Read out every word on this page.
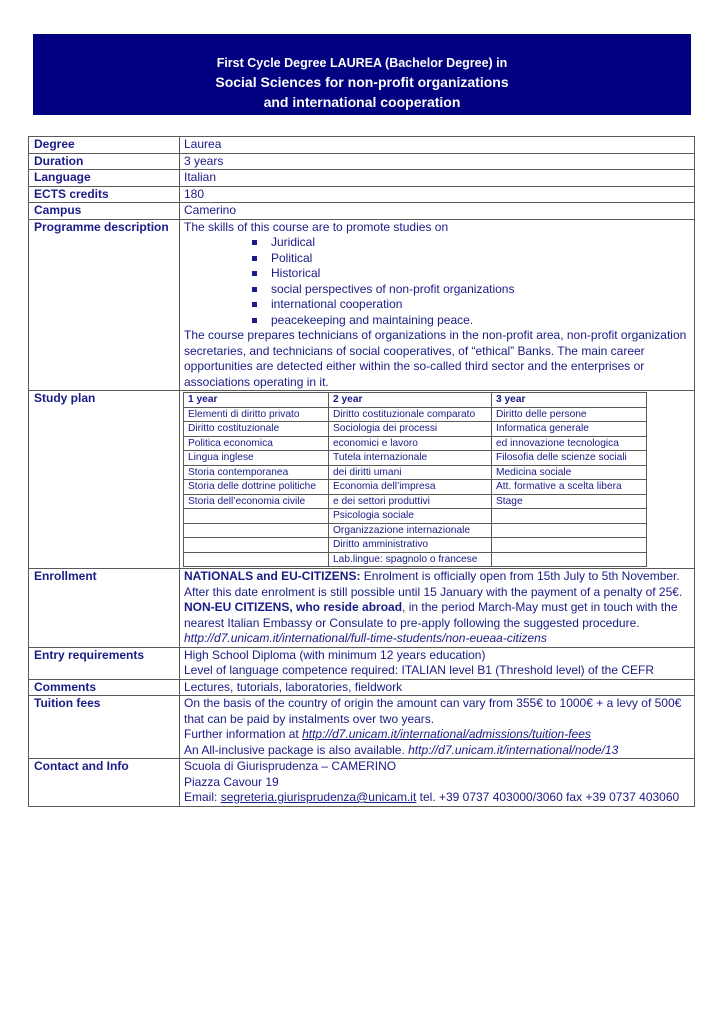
First Cycle Degree LAUREA (Bachelor Degree) in
Social Sciences for non-profit organizations
and international cooperation
Degree	Laurea
Duration	3 years
Language	Italian
ECTS credits	180
Campus	Camerino
Programme description	The skills of this course are to promote studies on
Juridical
Political
Historical
social perspectives of non-profit organizations
international cooperation
peacekeeping and maintaining peace.
The course prepares technicians of organizations in the non-profit area, non-profit organization secretaries, and technicians of social cooperatives, of “ethical” Banks. The main career opportunities are detected either within the so-called third sector and the enterprises or associations operating in it.

Study plan		1 year	2 year	3 year
Elementi di diritto privato	Diritto costituzionale comparato	Diritto delle persone
Diritto costituzionale	Sociologia dei processi	Informatica generale
Politica economica	economici e lavoro	ed innovazione tecnologica
Lingua inglese	Tutela internazionale	Filosofia delle scienze sociali
Storia contemporanea	dei diritti umani	Medicina sociale
Storia delle dottrine politiche	Economia dell’impresa	Att. formative a scelta libera
Storia dell’economia civile	e dei settori produttivi	Stage
	Psicologia sociale	
	Organizzazione internazionale	
	Diritto amministrativo	
	Lab.lingue: spagnolo o francese	

Enrollment	NATIONALS and EU-CITIZENS: Enrolment is officially open from 15th July to 5th November. After this date enrolment is still possible until 15 January with the payment of a penalty of 25€.
NON-EU CITIZENS, who reside abroad, in the period March-May must get in touch with the nearest Italian Embassy or Consulate to pre-apply following the suggested procedure.
http://d7.unicam.it/international/full-time-students/non-eueaa-citizens

Entry requirements	High School Diploma (with minimum 12 years education)
Level of language competence required: ITALIAN level B1 (Threshold level) of the CEFR

Comments	Lectures, tutorials, laboratories, fieldwork
Tuition fees	On the basis of the country of origin the amount can vary from 355€ to 1000€ + a levy of 500€ that can be paid by instalments over two years.
Further information at http://d7.unicam.it/international/admissions/tuition-fees
An All-inclusive package is also available. http://d7.unicam.it/international/node/13

Contact and Info	Scuola di Giurisprudenza – CAMERINO
Piazza Cavour 19
Email: segreteria.giurisprudenza@unicam.it tel. +39 0737 403000/3060 fax +39 0737 403060
